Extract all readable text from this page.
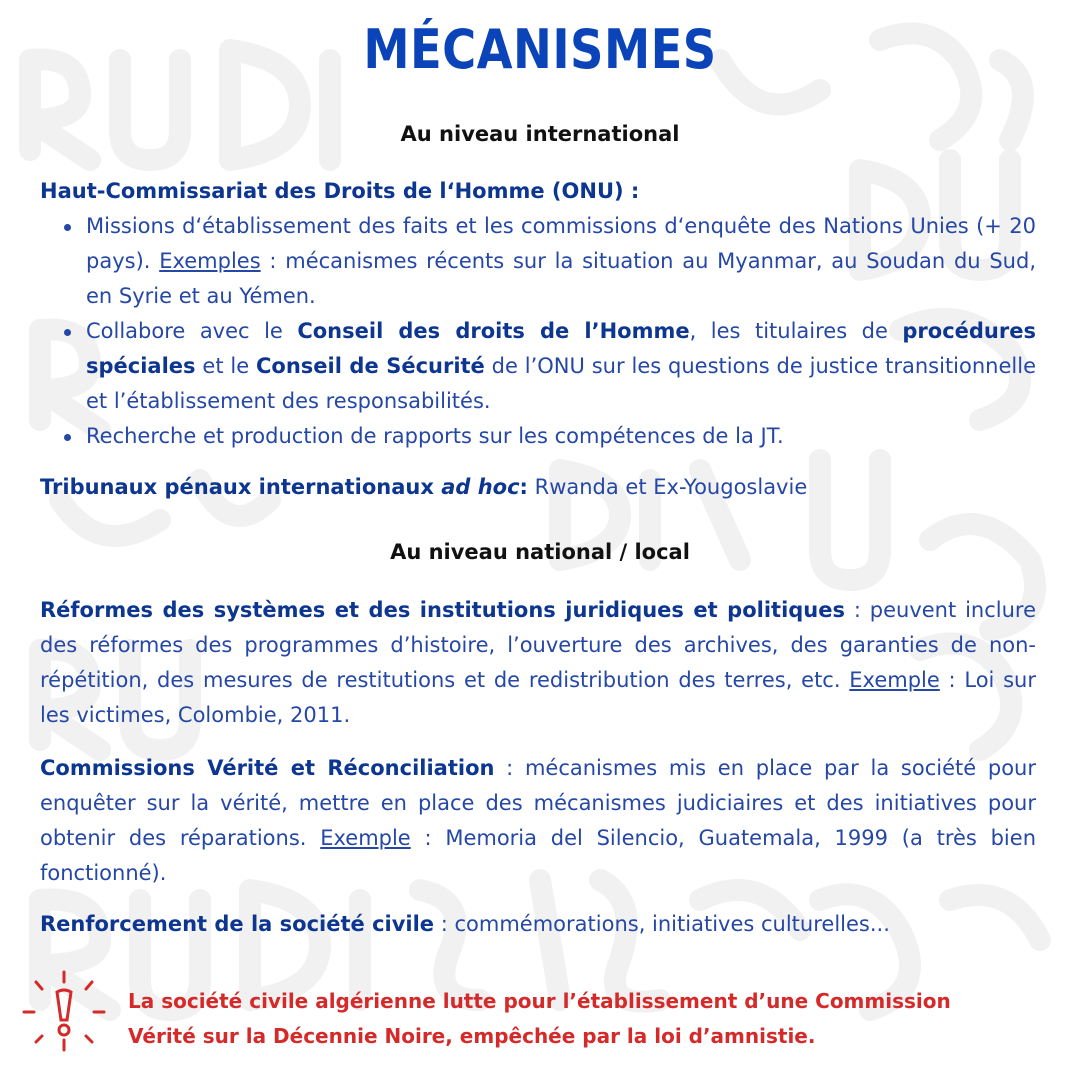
MÉCANISMES
Au niveau international
Haut-Commissariat des Droits de l‘Homme (ONU) :
Missions d‘établissement des faits et les commissions d‘enquête des Nations Unies (+ 20 pays). Exemples : mécanismes récents sur la situation au Myanmar, au Soudan du Sud, en Syrie et au Yémen.
Collabore avec le Conseil des droits de l’Homme, les titulaires de procédures spéciales et le Conseil de Sécurité de l’ONU sur les questions de justice transitionnelle et l’établissement des responsabilités.
Recherche et production de rapports sur les compétences de la JT.
Tribunaux pénaux internationaux ad hoc: Rwanda et Ex-Yougoslavie
Au niveau national / local
Réformes des systèmes et des institutions juridiques et politiques : peuvent inclure des réformes des programmes d’histoire, l’ouverture des archives, des garanties de non-répétition, des mesures de restitutions et de redistribution des terres, etc. Exemple : Loi sur les victimes, Colombie, 2011.
Commissions Vérité et Réconciliation : mécanismes mis en place par la société pour enquêter sur la vérité, mettre en place des mécanismes judiciaires et des initiatives pour obtenir des réparations. Exemple : Memoria del Silencio, Guatemala, 1999 (a très bien fonctionné).
Renforcement de la société civile : commémorations, initiatives culturelles...
La société civile algérienne lutte pour l’établissement d’une Commission
Vérité sur la Décennie Noire, empêchée par la loi d’amnistie.
